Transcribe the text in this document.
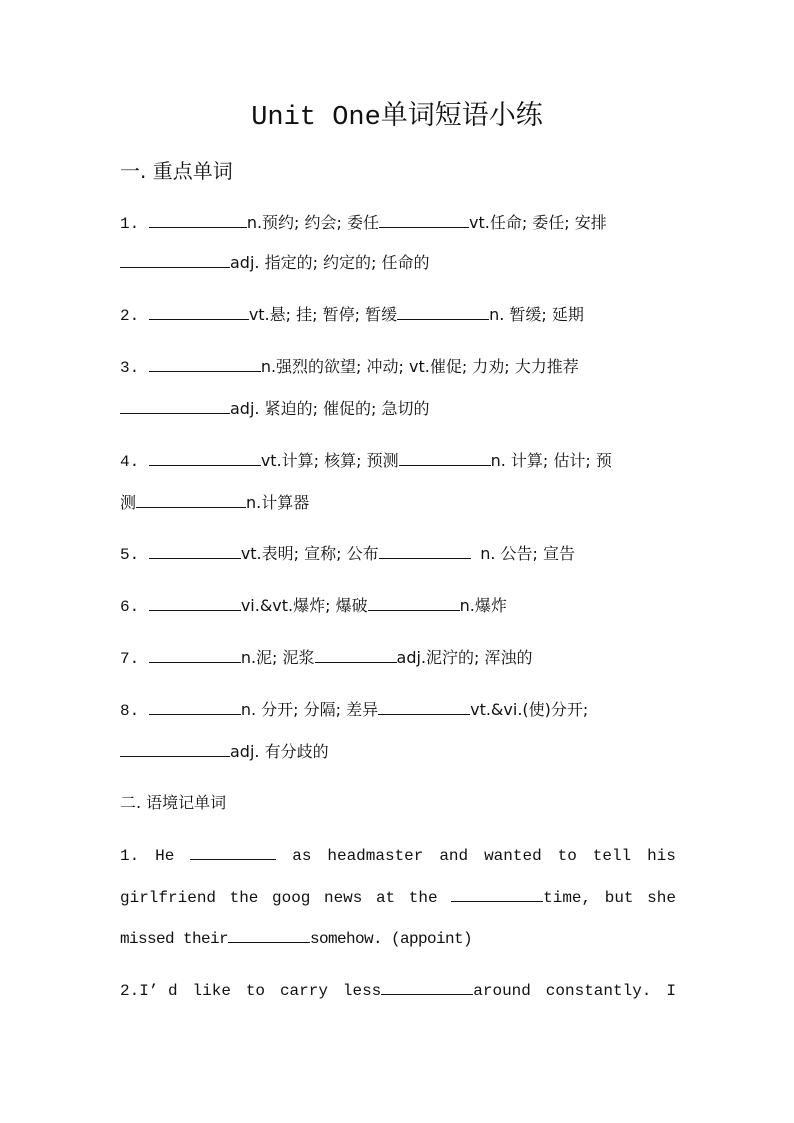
Unit One单词短语小练
一. 重点单词
1.	n.预约; 约会; 委任	vt.任命; 委任; 安排
adj. 指定的; 约定的; 任命的
2.	vt.悬; 挂; 暂停; 暂缓	n. 暂缓; 延期
3.	n.强烈的欲望; 冲动; vt.催促; 力劝; 大力推荐
adj. 紧迫的; 催促的; 急切的
4.	vt.计算; 核算; 预测	n. 计算; 估计; 预
测	n.计算器
5.	vt.表明; 宣称; 公布	n. 公告; 宣告
6.	vi.&vt.爆炸; 爆破	n.爆炸
7.	n.泥; 泥浆	adj.泥泞的; 浑浊的
8.	n. 分开; 分隔; 差异	vt.&vi.(使)分开;
adj. 有分歧的
二. 语境记单词
1. He	as headmaster and wanted to tell his
girlfriend the goog news at the	time, but she
missed their	somehow. (appoint)
2.I’ d like to carry less	around constantly. I
